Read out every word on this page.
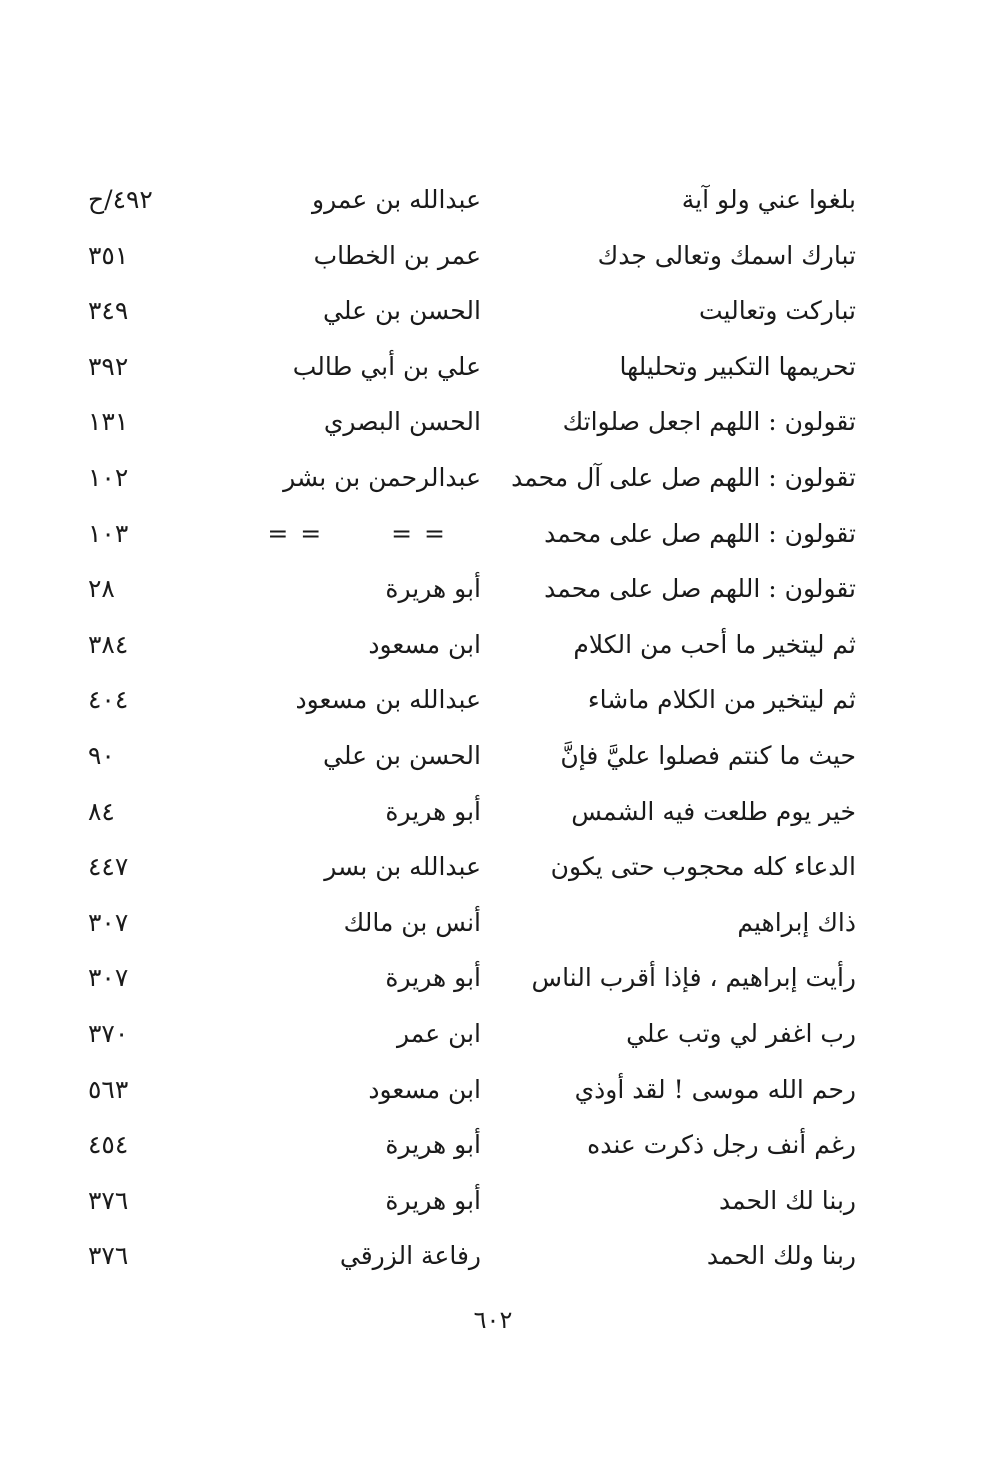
بلغوا عني ولو آية
عبدالله بن عمرو
٤٩٢/ح
تبارك اسمك وتعالى جدك
عمر بن الخطاب
٣٥١
تباركت وتعاليت
الحسن بن علي
٣٤٩
تحريمها التكبير وتحليلها
علي بن أبي طالب
٣٩٢
تقولون : اللهم اجعل صلواتك
الحسن البصري
١٣١
تقولون : اللهم صل على آل محمد
عبدالرحمن بن بشر
١٠٢
تقولون : اللهم صل على محمد
= == =
١٠٣
تقولون : اللهم صل على محمد
أبو هريرة
٢٨
ثم ليتخير ما أحب من الكلام
ابن مسعود
٣٨٤
ثم ليتخير من الكلام ماشاء
عبدالله بن مسعود
٤٠٤
حيث ما كنتم فصلوا عليَّ فإنَّ
الحسن بن علي
٩٠
خير يوم طلعت فيه الشمس
أبو هريرة
٨٤
الدعاء كله محجوب حتى يكون
عبدالله بن بسر
٤٤٧
ذاك إبراهيم
أنس بن مالك
٣٠٧
رأيت إبراهيم ، فإذا أقرب الناس
أبو هريرة
٣٠٧
رب اغفر لي وتب علي
ابن عمر
٣٧٠
رحم الله موسى ! لقد أوذي
ابن مسعود
٥٦٣
رغم أنف رجل ذكرت عنده
أبو هريرة
٤٥٤
ربنا لك الحمد
أبو هريرة
٣٧٦
ربنا ولك الحمد
رفاعة الزرقي
٣٧٦
٦٠٢
